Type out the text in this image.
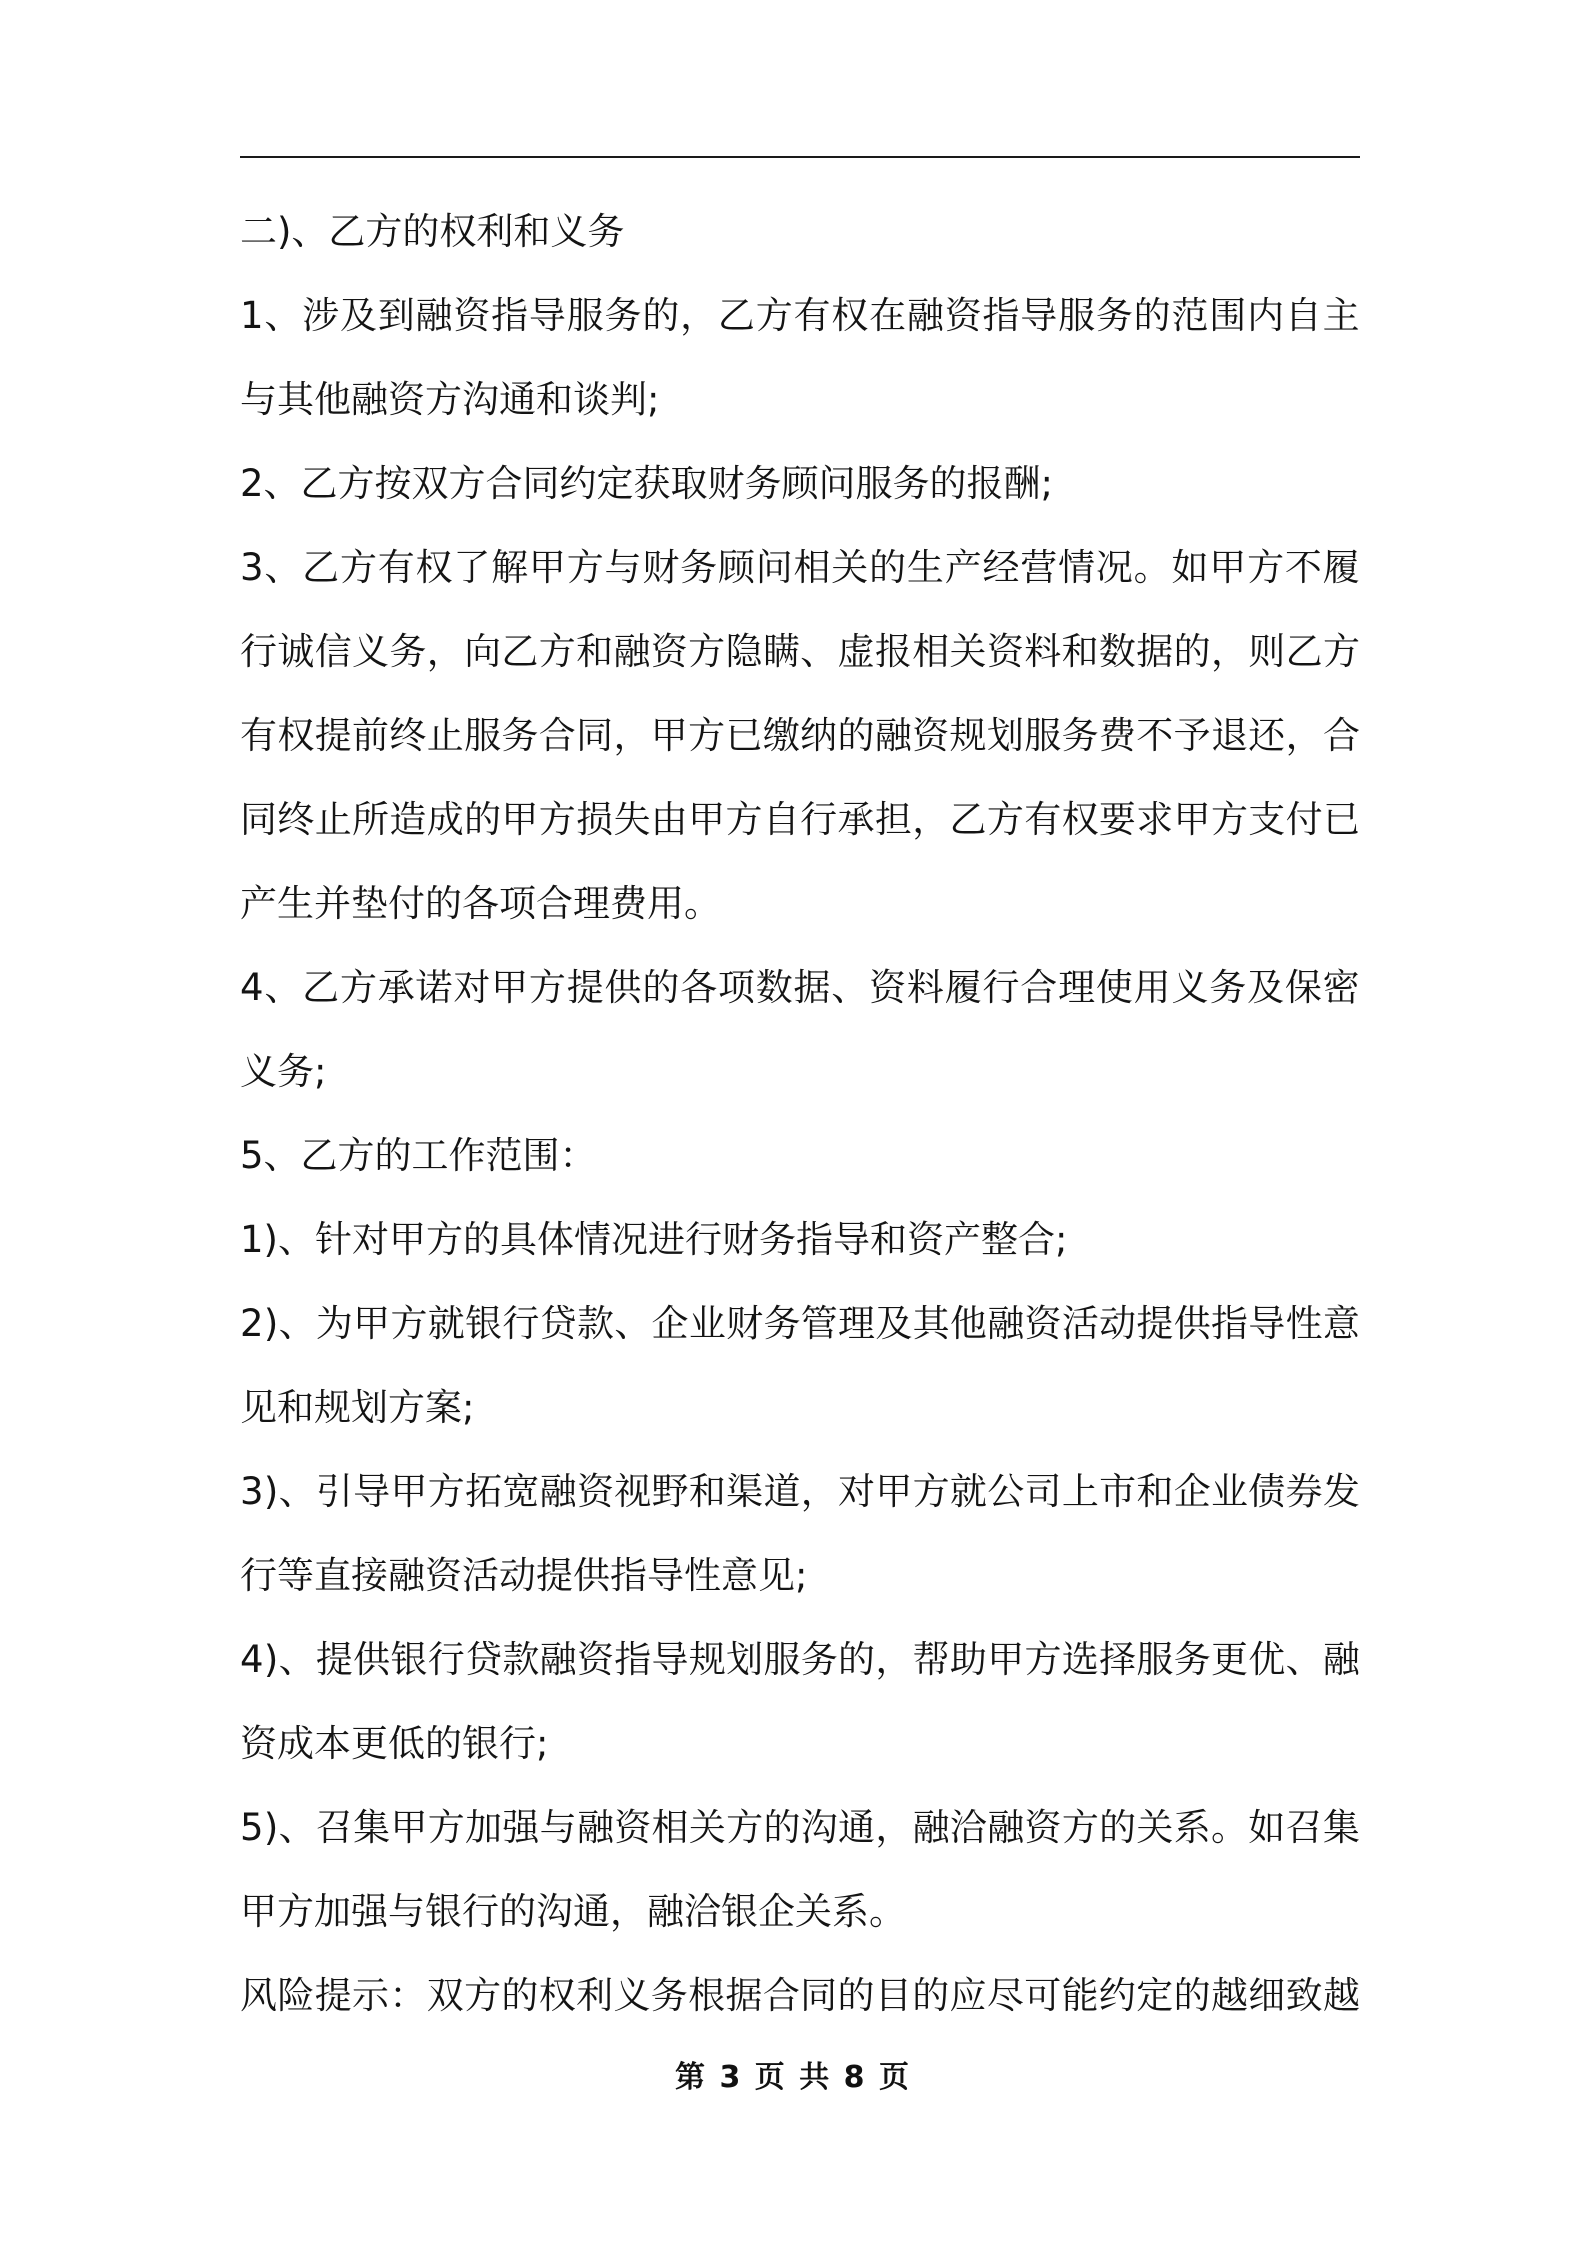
二)、乙方的权利和义务
1 、 涉 及 到 融 资 指 导 服 务 的 ， 乙 方 有 权 在 融 资 指 导 服 务 的 范 围 内 自 主
与其他融资方沟通和谈判;
2、乙方按双方合同约定获取财务顾问服务的报酬;
3 、 乙 方 有 权 了 解 甲 方 与 财 务 顾 问 相 关 的 生 产 经 营 情 况 。 如 甲 方 不 履
行 诚 信 义 务 ， 向 乙 方 和 融 资 方 隐 瞒 、 虚 报 相 关 资 料 和 数 据 的 ， 则 乙 方
有 权 提 前 终 止 服 务 合 同 ， 甲 方 已 缴 纳 的 融 资 规 划 服 务 费 不 予 退 还 ， 合
同 终 止 所 造 成 的 甲 方 损 失 由 甲 方 自 行 承 担 ， 乙 方 有 权 要 求 甲 方 支 付 已
产生并垫付的各项合理费用。
4 、 乙 方 承 诺 对 甲 方 提 供 的 各 项 数 据 、 资 料 履 行 合 理 使 用 义 务 及 保 密
义务;
5、乙方的工作范围：
1)、针对甲方的具体情况进行财务指导和资产整合;
2 ) 、 为 甲 方 就 银 行 贷 款 、 企 业 财 务 管 理 及 其 他 融 资 活 动 提 供 指 导 性 意
见和规划方案;
3 ) 、 引 导 甲 方 拓 宽 融 资 视 野 和 渠 道 ， 对 甲 方 就 公 司 上 市 和 企 业 债 券 发
行等直接融资活动提供指导性意见;
4 ) 、 提 供 银 行 贷 款 融 资 指 导 规 划 服 务 的 ， 帮 助 甲 方 选 择 服 务 更 优 、 融
资成本更低的银行;
5 ) 、 召 集 甲 方 加 强 与 融 资 相 关 方 的 沟 通 ， 融 洽 融 资 方 的 关 系 。 如 召 集
甲方加强与银行的沟通，融洽银企关系。
风 险 提 示 ： 双 方 的 权 利 义 务 根 据 合 同 的 目 的 应 尽 可 能 约 定 的 越 细 致 越
第 3 页 共 8 页
